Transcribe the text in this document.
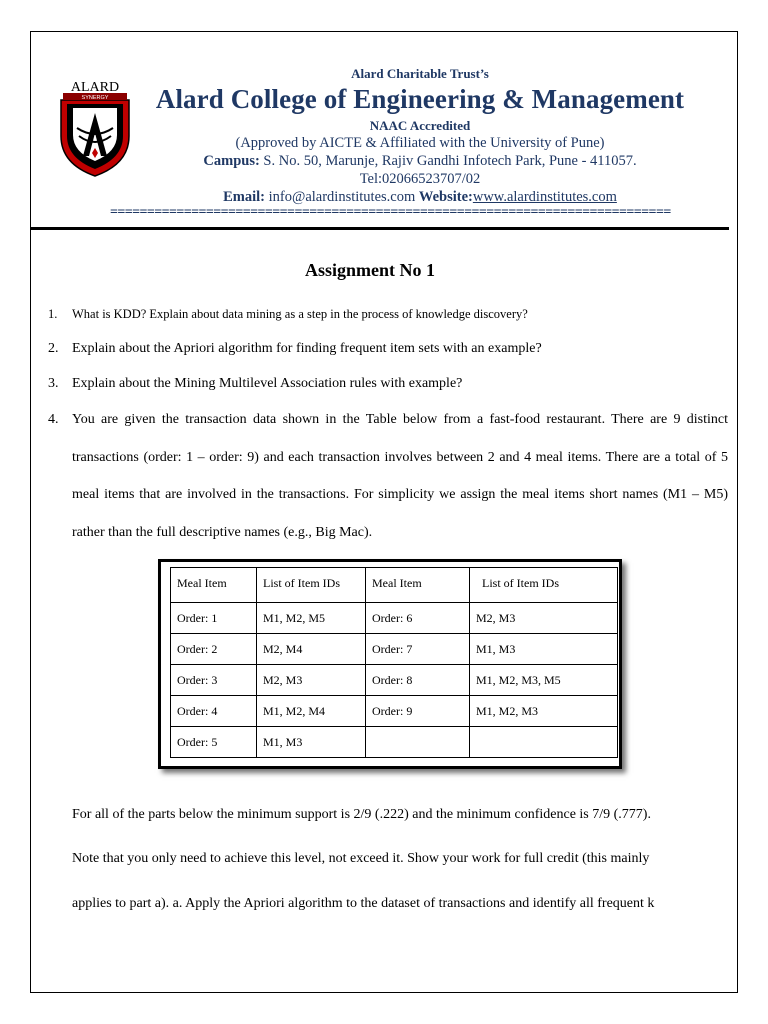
SYNERGY
ALARD
Alard Charitable Trust’s
Alard College of Engineering & Management
NAAC Accredited
(Approved by AICTE & Affiliated with the University of Pune)
Campus: S. No. 50, Marunje, Rajiv Gandhi Infotech Park, Pune - 411057.
Tel:02066523707/02
Email: info@alardinstitutes.com Website:www.alardinstitutes.com
============================================================================
Assignment No 1
1. What is KDD? Explain about data mining as a step in the process of knowledge discovery?
2. Explain about the Apriori algorithm for finding frequent item sets with an example?
3. Explain about the Mining Multilevel Association rules with example?
4. You are given the transaction data shown in the Table below from a fast-food restaurant. There are 9 distinct transactions (order: 1 – order: 9) and each transaction involves between 2 and 4 meal items. There are a total of 5 meal items that are involved in the transactions. For simplicity we assign the meal items short names (M1 – M5) rather than the full descriptive names (e.g., Big Mac).
Meal Item	List of Item IDs	Meal Item	List of Item IDs
Order: 1	M1, M2, M5	Order: 6	M2, M3
Order: 2	M2, M4	Order: 7	M1, M3
Order: 3	M2, M3	Order: 8	M1, M2, M3, M5
Order: 4	M1, M2, M4	Order: 9	M1, M2, M3
Order: 5	M1, M3		
For all of the parts below the minimum support is 2/9 (.222) and the minimum confidence is 7/9 (.777).
Note that you only need to achieve this level, not exceed it. Show your work for full credit (this mainly
applies to part a). a. Apply the Apriori algorithm to the dataset of transactions and identify all frequent k
